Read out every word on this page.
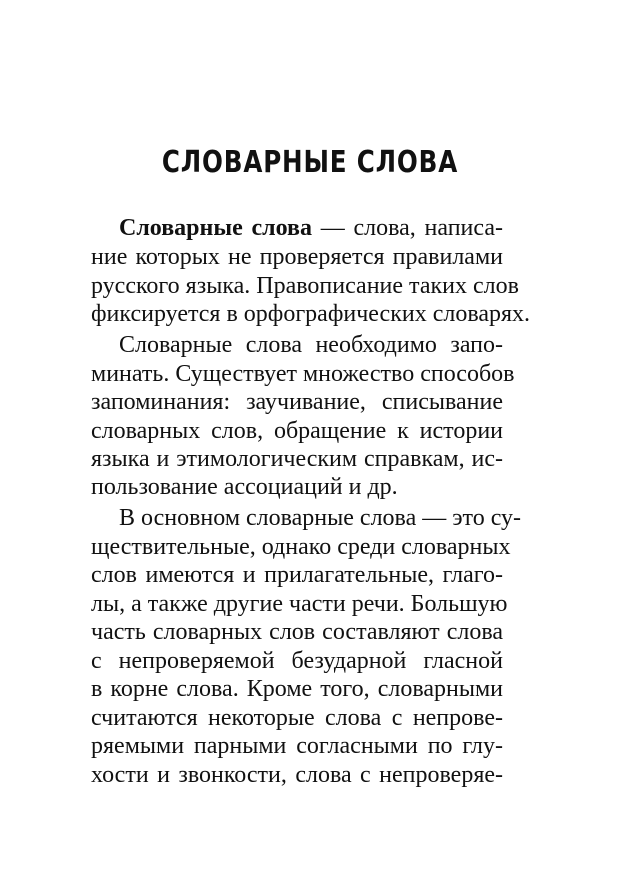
СЛОВАРНЫЕ СЛОВА

Словарные слова — слова, написа-

ние которых не проверяется правилами

русского языка. Правописание таких слов

фиксируется в орфографических словарях.

Словарные слова необходимо запо-

минать. Существует множество способов

запоминания: заучивание, списывание

словарных слов, обращение к истории

языка и этимологическим справкам, ис-

пользование ассоциаций и др.

В основном словарные слова — это су-

ществительные, однако среди словарных

слов имеются и прилагательные, глаго-

лы, а также другие части речи. Большую

часть словарных слов составляют слова

с непроверяемой безударной гласной

в корне слова. Кроме того, словарными

считаются некоторые слова с непрове-

ряемыми парными согласными по глу-

хости и звонкости, слова с непроверяе-
